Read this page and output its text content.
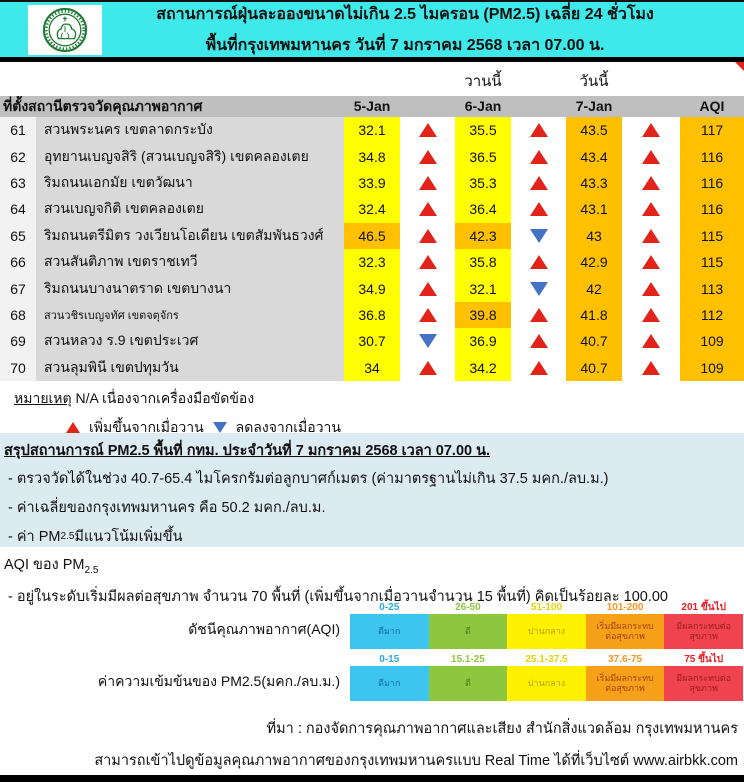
สถานการณ์ฝุ่นละอองขนาดไม่เกิน 2.5 ไมครอน (PM2.5) เฉลี่ย 24 ชั่วโมง
พื้นที่กรุงเทพมหานคร วันที่ 7 มกราคม 2568 เวลา 07.00 น.
วานนี้	วันนี้
ที่ตั้งสถานีตรวจวัดคุณภาพอากาศ	5-Jan	6-Jan	7-Jan	AQI
61	สวนพระนคร เขตลาดกระบัง	32.1	35.5	43.5	117
62	อุทยานเบญจสิริ (สวนเบญจสิริ) เขตคลองเตย	34.8	36.5	43.4	116
63	ริมถนนเอกมัย เขตวัฒนา	33.9	35.3	43.3	116
64	สวนเบญจกิติ เขตคลองเตย	32.4	36.4	43.1	116
65	ริมถนนตรีมิตร วงเวียนโอเดียน เขตสัมพันธวงศ์	46.5	42.3	43	115
66	สวนสันติภาพ เขตราชเทวี	32.3	35.8	42.9	115
67	ริมถนนบางนาตราด เขตบางนา	34.9	32.1	42	113
68	สวนวชิรเบญจทัศ เขตจตุจักร	36.8	39.8	41.8	112
69	สวนหลวง ร.9 เขตประเวศ	30.7	36.9	40.7	109
70	สวนลุมพินี เขตปทุมวัน	34	34.2	40.7	109
หมายเหตุ N/A เนื่องจากเครื่องมือขัดข้อง
เพิ่มขึ้นจากเมื่อวาน ลดลงจากเมื่อวาน
สรุปสถานการณ์ PM2.5 พื้นที่ กทม. ประจำวันที่ 7 มกราคม 2568 เวลา 07.00 น.
- ตรวจวัดได้ในช่วง 40.7-65.4 ไมโครกรัมต่อลูกบาศก์เมตร (ค่ามาตรฐานไม่เกิน 37.5 มคก./ลบ.ม.)
- ค่าเฉลี่ยของกรุงเทพมหานคร คือ 50.2 มคก./ลบ.ม.
- ค่า PM 2.5 มีแนวโน้มเพิ่มขึ้น
AQI ของ $PM_{2.5}$
- อยู่ในระดับเริ่มมีผลต่อสุขภาพ จำนวน 70 พื้นที่ (เพิ่มขึ้นจากเมื่อวานจำนวน 15 พื้นที่) คิดเป็นร้อยละ 100.00
ดัชนีคุณภาพอากาศ(AQI)
0-25
ดีมาก
26-50
ดี
51-100
ปานกลาง
101-200
เริ่มมีผลกระทบต่อสุขภาพ
201 ขึ้นไป
มีผลกระทบต่อสุขภาพ
ค่าความเข้มข้นของ PM2.5(มคก./ลบ.ม.)
0-15
ดีมาก
15.1-25
ดี
25.1-37.5
ปานกลาง
37.6-75
เริ่มมีผลกระทบต่อสุขภาพ
75 ขึ้นไป
มีผลกระทบต่อสุขภาพ
ที่มา : กองจัดการคุณภาพอากาศและเสียง สำนักสิ่งแวดล้อม กรุงเทพมหานคร
สามารถเข้าไปดูข้อมูลคุณภาพอากาศของกรุงเทพมหานครแบบ Real Time ได้ที่เว็บไซต์ www.airbkk.com
